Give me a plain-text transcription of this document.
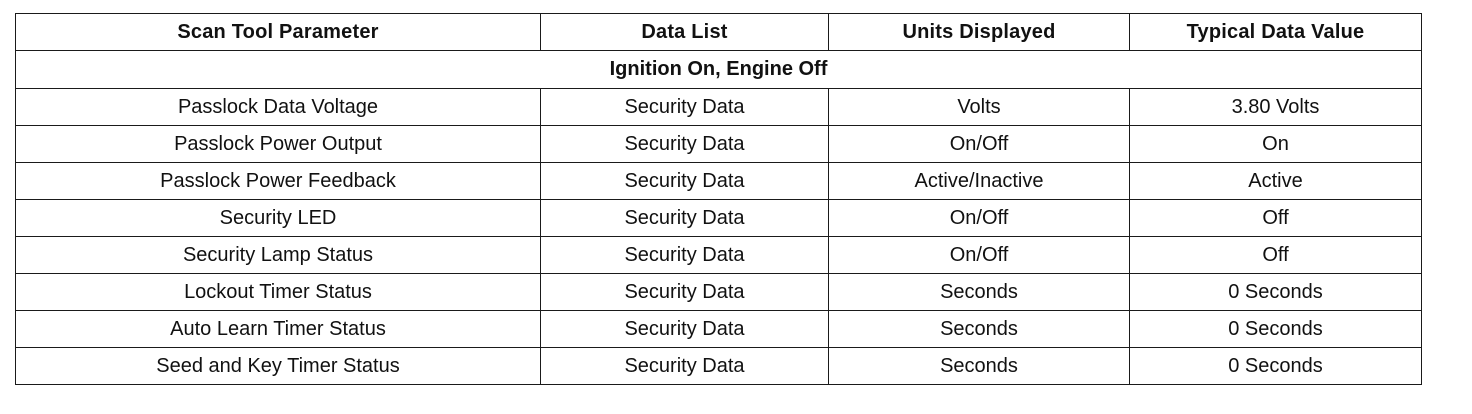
Scan Tool Parameter	Data List	Units Displayed	Typical Data Value
Ignition On, Engine Off			
Passlock Data Voltage	Security Data	Volts	3.80 Volts
Passlock Power Output	Security Data	On/Off	On
Passlock Power Feedback	Security Data	Active/Inactive	Active
Security LED	Security Data	On/Off	Off
Security Lamp Status	Security Data	On/Off	Off
Lockout Timer Status	Security Data	Seconds	0 Seconds
Auto Learn Timer Status	Security Data	Seconds	0 Seconds
Seed and Key Timer Status	Security Data	Seconds	0 Seconds
